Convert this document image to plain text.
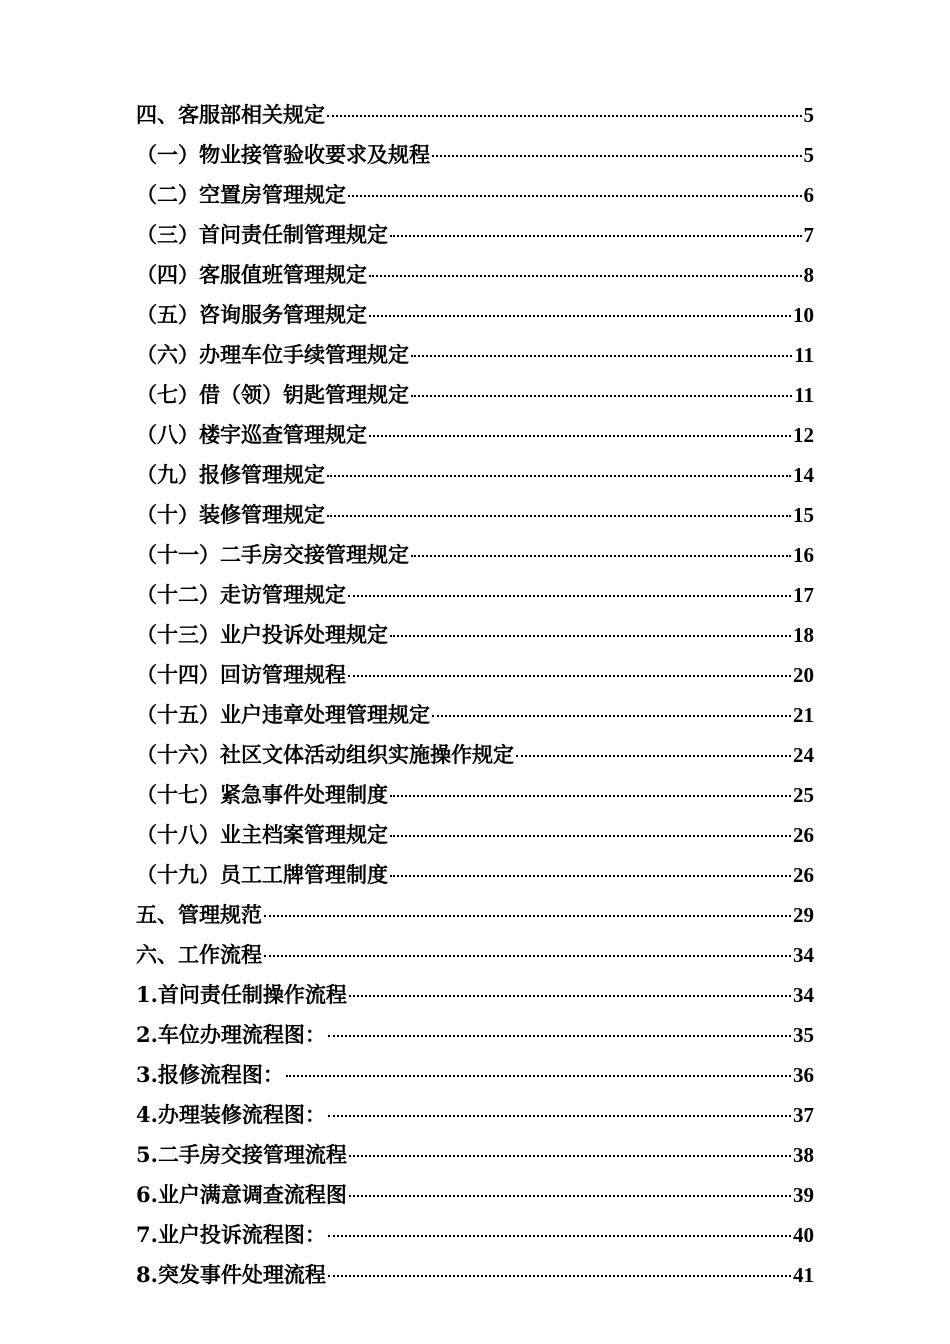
四、客服部相关规定	5
（一）物业接管验收要求及规程	5
（二）空置房管理规定	6
（三）首问责任制管理规定	7
（四）客服值班管理规定	8
（五）咨询服务管理规定	10
（六）办理车位手续管理规定	11
（七）借（领）钥匙管理规定	11
（八）楼宇巡查管理规定	12
（九）报修管理规定	14
（十）装修管理规定	15
（十一）二手房交接管理规定	16
（十二）走访管理规定	17
（十三）业户投诉处理规定	18
（十四）回访管理规程	20
（十五）业户违章处理管理规定	21
（十六）社区文体活动组织实施操作规定	24
（十七）紧急事件处理制度	25
（十八）业主档案管理规定	26
（十九）员工工牌管理制度	26
五、管理规范	29
六、工作流程	34
1.首问责任制操作流程	34
2.车位办理流程图：	35
3.报修流程图：	36
4.办理装修流程图：	37
5.二手房交接管理流程	38
6.业户满意调查流程图	39
7.业户投诉流程图：	40
8.突发事件处理流程	41
